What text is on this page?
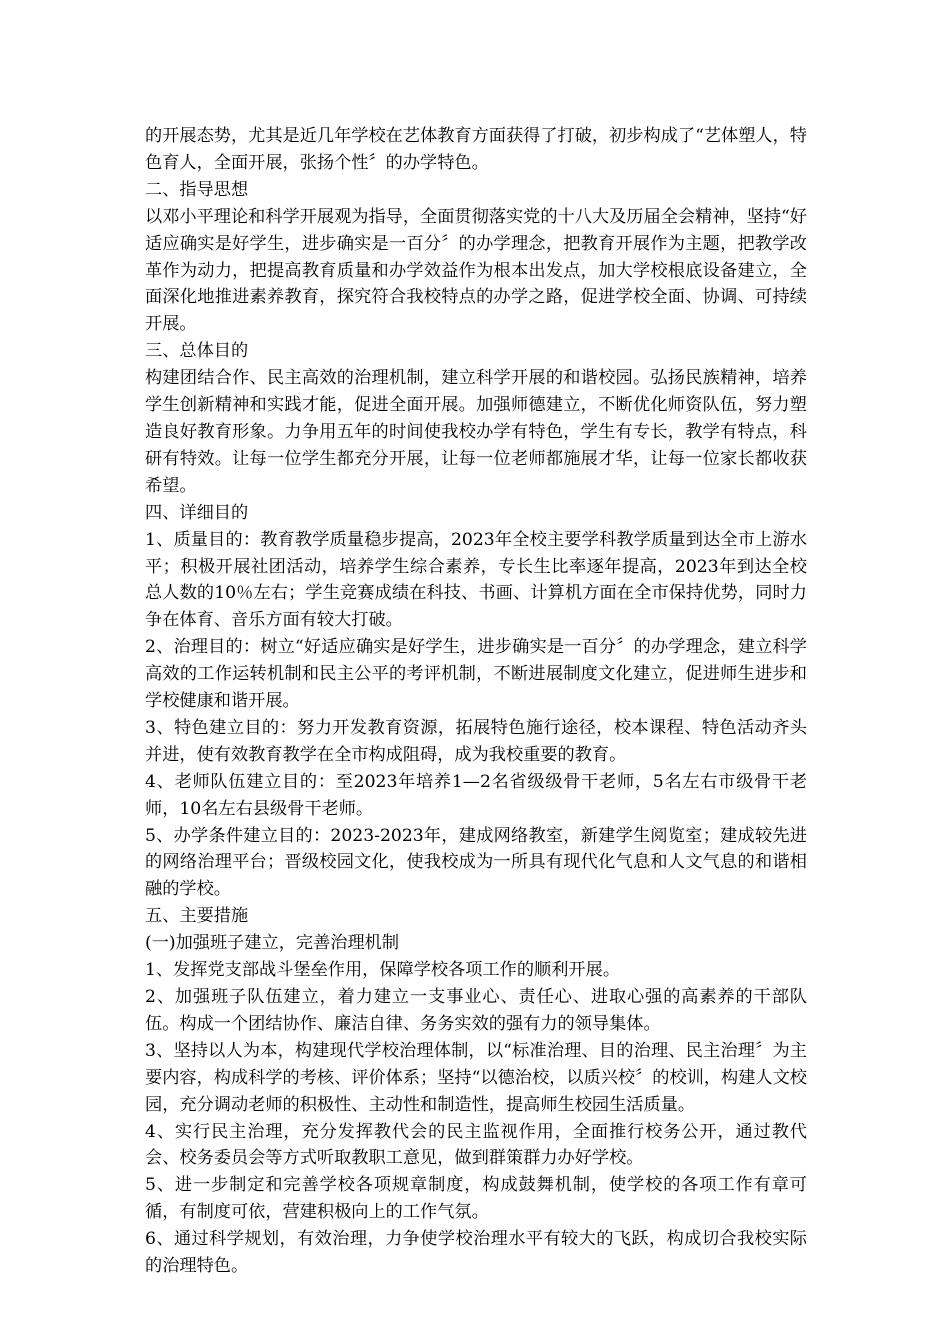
的开展态势，尤其是近几年学校在艺体教育方面获得了打破，初步构成了“艺体塑人，特色育人，全面开展，张扬个性〞的办学特色。

二、指导思想

以邓小平理论和科学开展观为指导，全面贯彻落实党的十八大及历届全会精神，坚持“好适应确实是好学生，进步确实是一百分〞的办学理念，把教育开展作为主题，把教学改革作为动力，把提高教育质量和办学效益作为根本出发点，加大学校根底设备建立，全面深化地推进素养教育，探究符合我校特点的办学之路，促进学校全面、协调、可持续开展。

三、总体目的

构建团结合作、民主高效的治理机制，建立科学开展的和谐校园。弘扬民族精神，培养学生创新精神和实践才能，促进全面开展。加强师德建立，不断优化师资队伍，努力塑造良好教育形象。力争用五年的时间使我校办学有特色，学生有专长，教学有特点，科研有特效。让每一位学生都充分开展，让每一位老师都施展才华，让每一位家长都收获希望。

四、详细目的

1、质量目的：教育教学质量稳步提高，2023年全校主要学科教学质量到达全市上游水平；积极开展社团活动，培养学生综合素养，专长生比率逐年提高，2023年到达全校总人数的10％左右；学生竞赛成绩在科技、书画、计算机方面在全市保持优势，同时力争在体育、音乐方面有较大打破。

2、治理目的：树立“好适应确实是好学生，进步确实是一百分〞的办学理念，建立科学高效的工作运转机制和民主公平的考评机制，不断进展制度文化建立，促进师生进步和学校健康和谐开展。

3、特色建立目的：努力开发教育资源，拓展特色施行途径，校本课程、特色活动齐头并进，使有效教育教学在全市构成阻碍，成为我校重要的教育。

4、老师队伍建立目的：至2023年培养1—2名省级级骨干老师，5名左右市级骨干老师，10名左右县级骨干老师。

5、办学条件建立目的：2023-2023年，建成网络教室，新建学生阅览室；建成较先进的网络治理平台；晋级校园文化，使我校成为一所具有现代化气息和人文气息的和谐相融的学校。

五、主要措施

(一)加强班子建立，完善治理机制

1、发挥党支部战斗堡垒作用，保障学校各项工作的顺利开展。

2、加强班子队伍建立，着力建立一支事业心、责任心、进取心强的高素养的干部队伍。构成一个团结协作、廉洁自律、务务实效的强有力的领导集体。

3、坚持以人为本，构建现代学校治理体制，以“标准治理、目的治理、民主治理〞为主要内容，构成科学的考核、评价体系；坚持“以德治校，以质兴校〞的校训，构建人文校园，充分调动老师的积极性、主动性和制造性，提高师生校园生活质量。

4、实行民主治理，充分发挥教代会的民主监视作用，全面推行校务公开，通过教代会、校务委员会等方式听取教职工意见，做到群策群力办好学校。

5、进一步制定和完善学校各项规章制度，构成鼓舞机制，使学校的各项工作有章可循，有制度可依，营建积极向上的工作气氛。

6、通过科学规划，有效治理，力争使学校治理水平有较大的飞跃，构成切合我校实际的治理特色。
